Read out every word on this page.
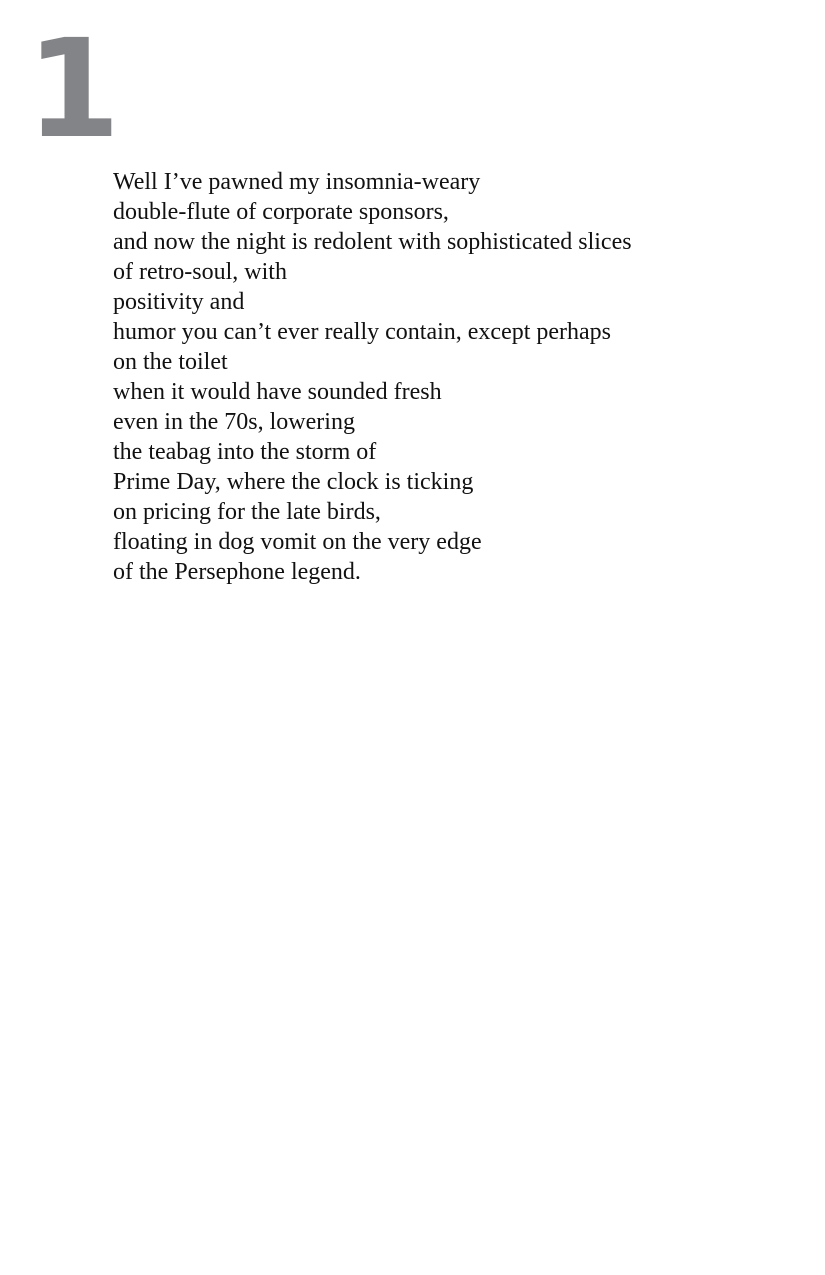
1
Well I’ve pawned my insomnia-weary
double-flute of corporate sponsors,
and now the night is redolent with sophisticated slices
of retro-soul, with
positivity and
humor you can’t ever really contain, except perhaps
on the toilet
when it would have sounded fresh
even in the 70s, lowering
the teabag into the storm of
Prime Day, where the clock is ticking
on pricing for the late birds,
floating in dog vomit on the very edge
of the Persephone legend.
